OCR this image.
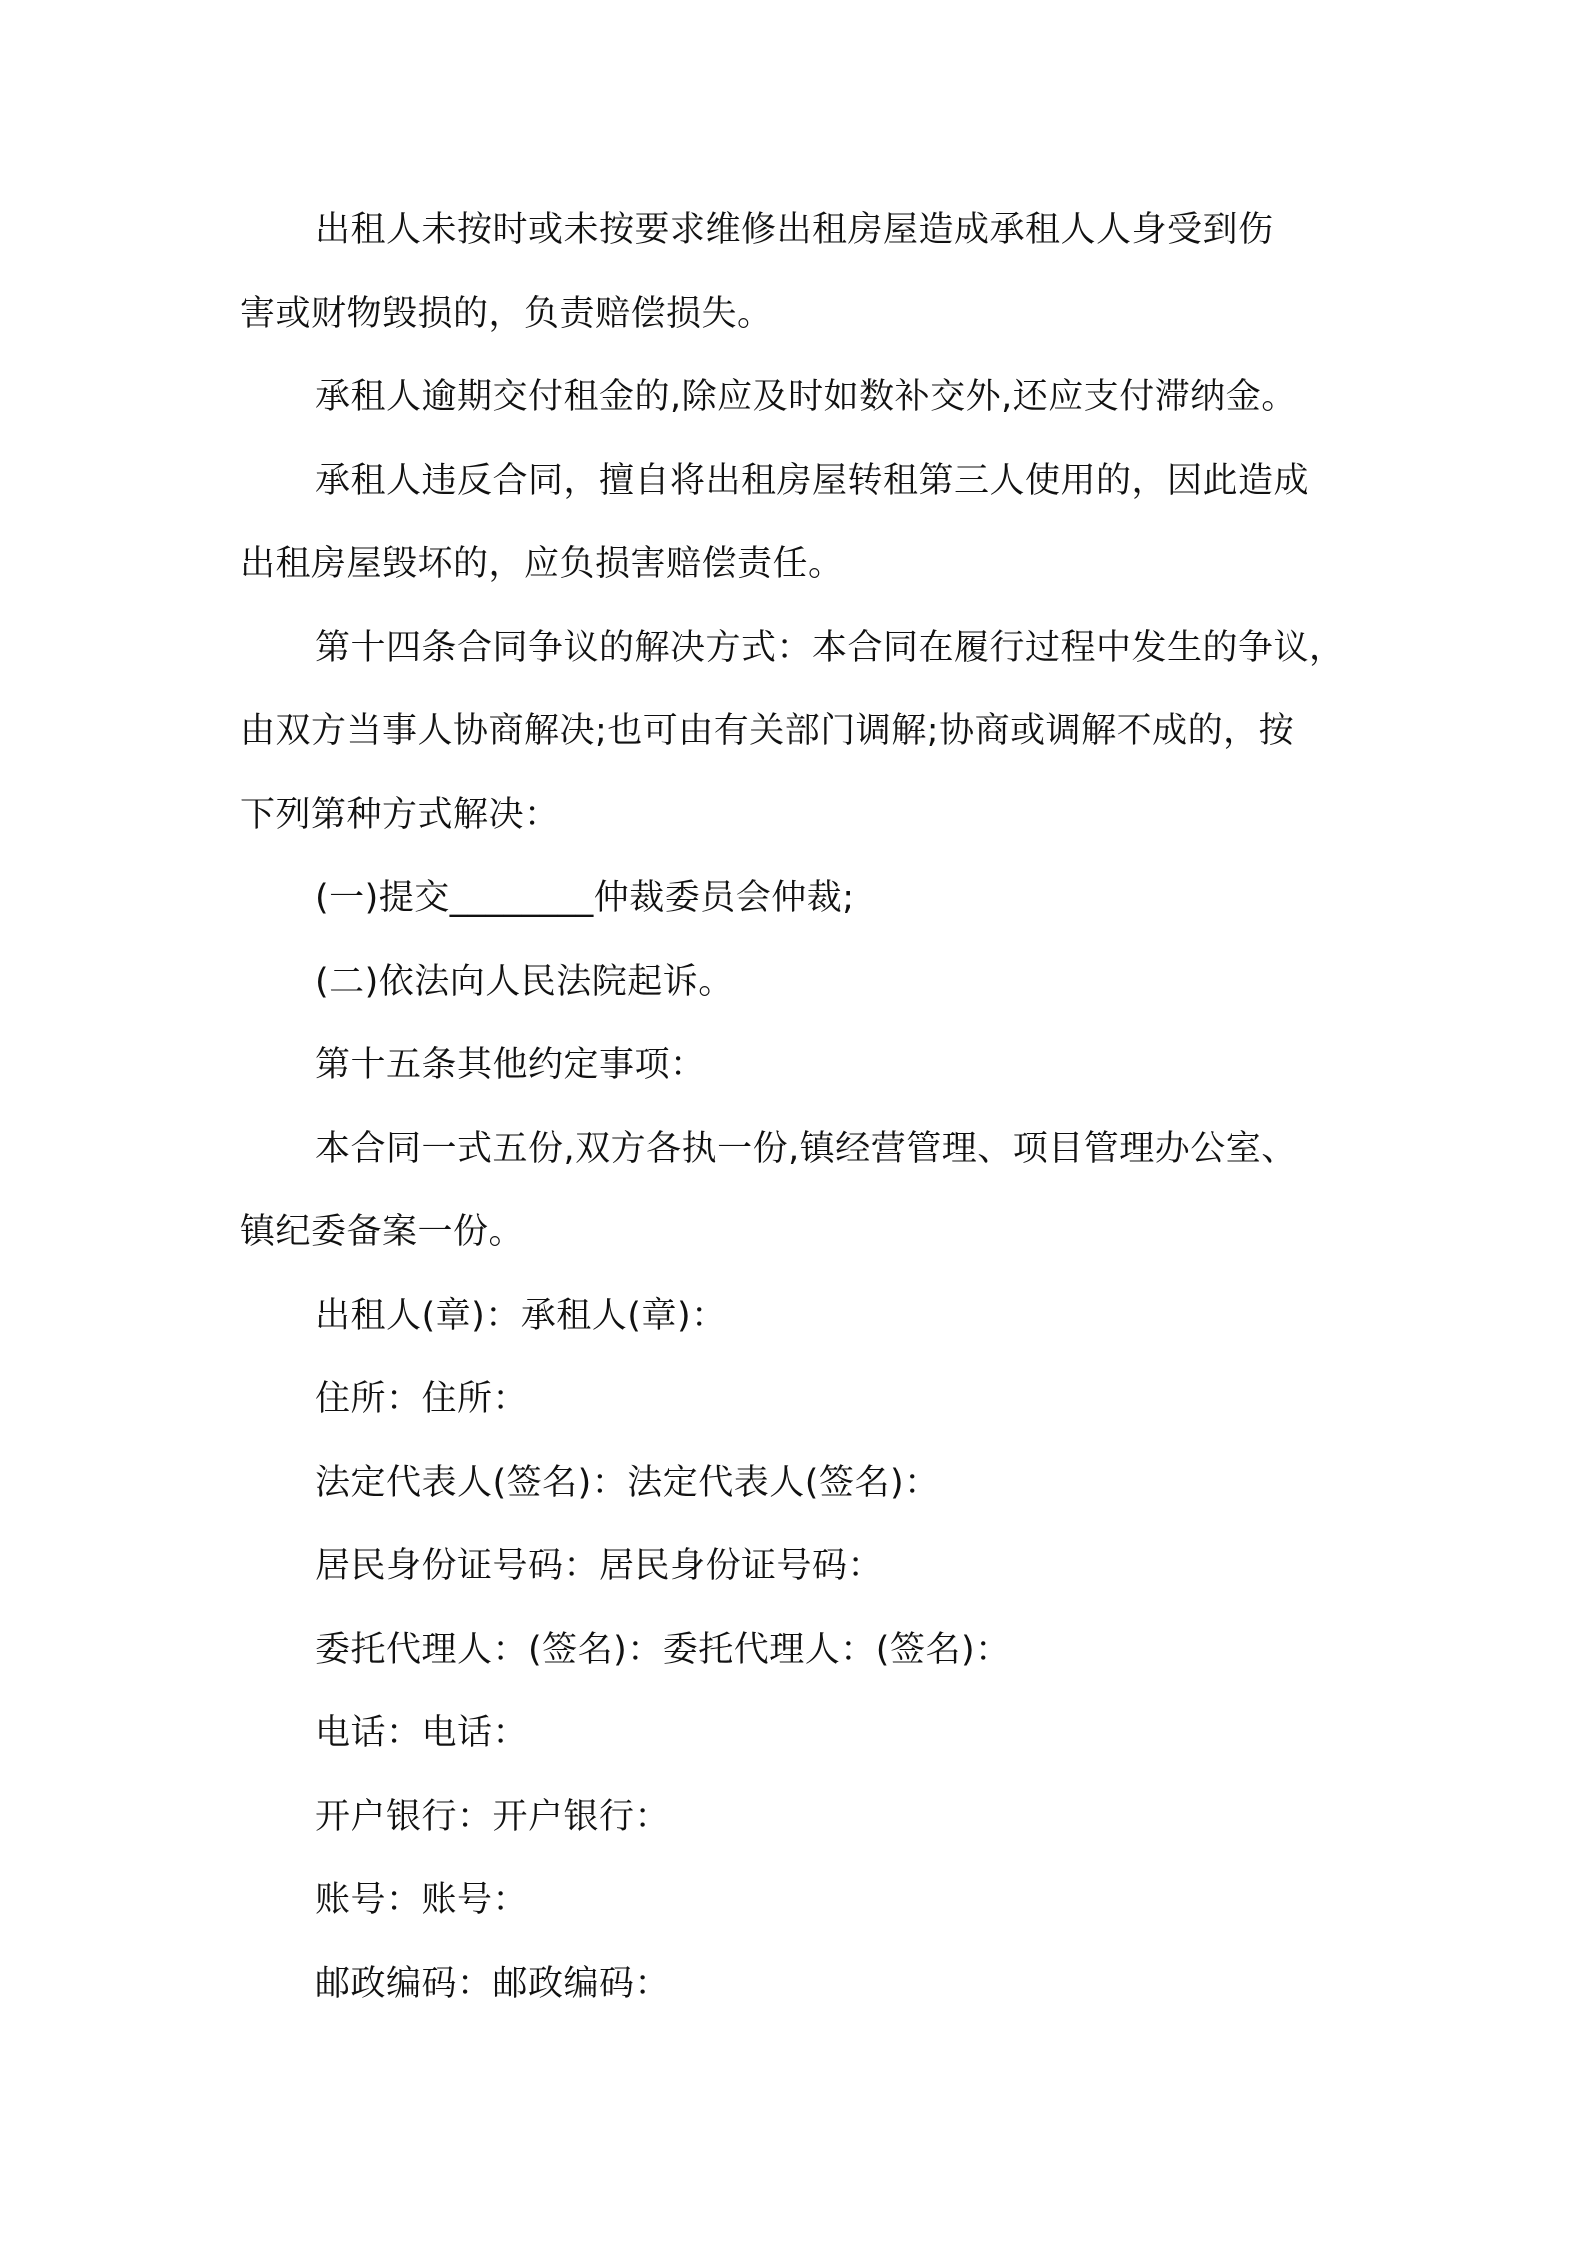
出租人未按时或未按要求维修出租房屋造成承租人人身受到伤
害或财物毁损的，负责赔偿损失。
承租人逾期交付租金的,除应及时如数补交外,还应支付滞纳金。
承租人违反合同，擅自将出租房屋转租第三人使用的，因此造成
出租房屋毁坏的，应负损害赔偿责任。
第十四条合同争议的解决方式：本合同在履行过程中发生的争议，
由双方当事人协商解决;也可由有关部门调解;协商或调解不成的，按
下列第种方式解决：
(一)提交________仲裁委员会仲裁;
(二)依法向人民法院起诉。
第十五条其他约定事项：
本合同一式五份,双方各执一份,镇经营管理、项目管理办公室、
镇纪委备案一份。
出租人(章)：承租人(章)：
住所：住所：
法定代表人(签名)：法定代表人(签名)：
居民身份证号码：居民身份证号码：
委托代理人：(签名)：委托代理人：(签名)：
电话：电话：
开户银行：开户银行：
账号：账号：
邮政编码：邮政编码：
